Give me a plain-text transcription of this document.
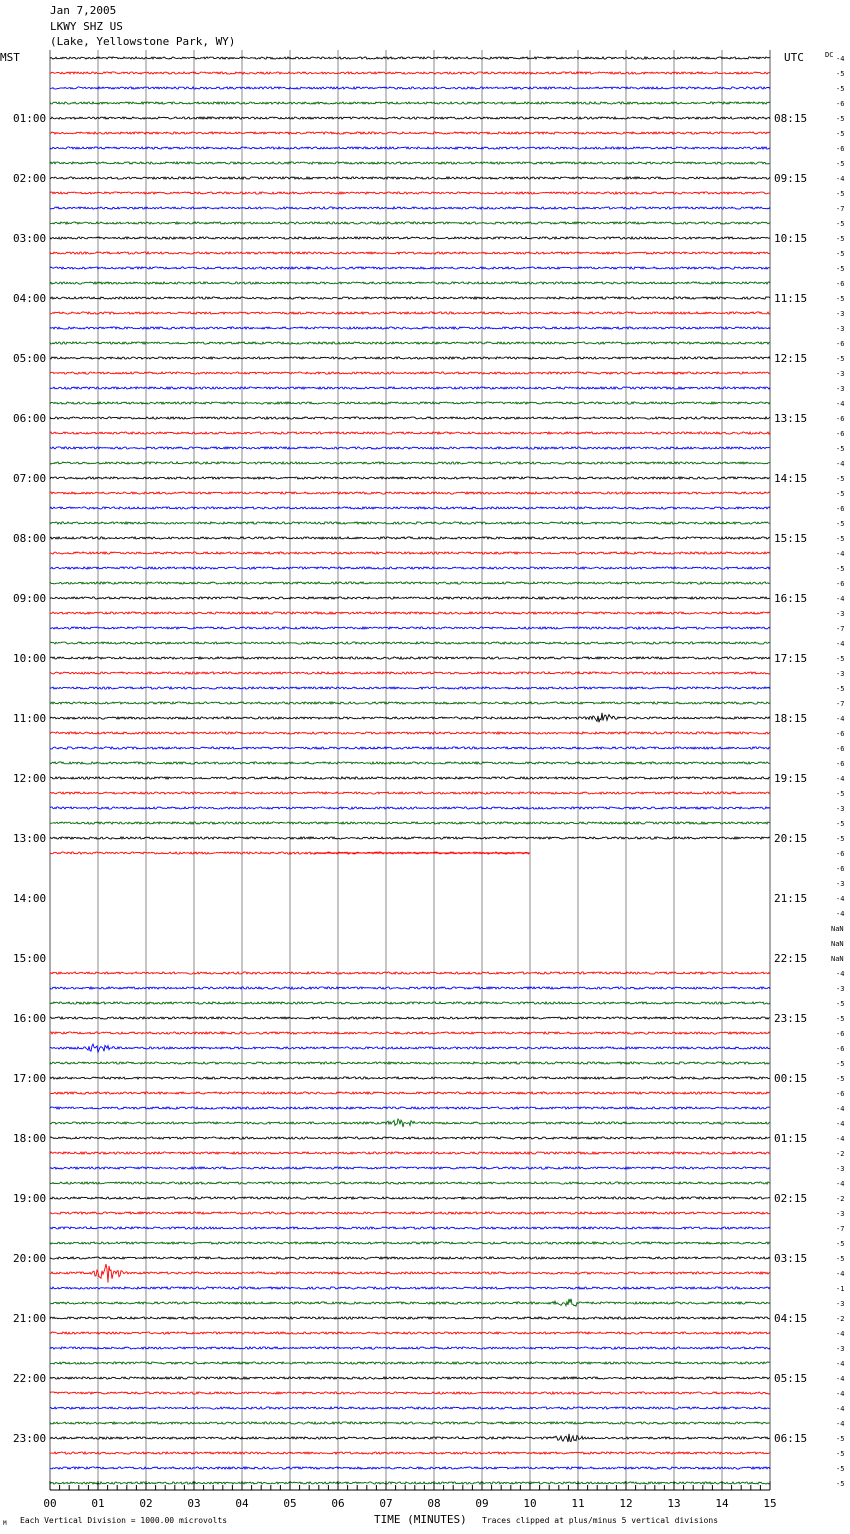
Jan 7,2005
LKWY SHZ US
(Lake, Yellowstone Park, WY)
01:00
02:00
03:00
04:00
05:00
06:00
07:00
08:00
09:00
10:00
11:00
12:00
13:00
14:00
15:00
16:00
17:00
18:00
19:00
20:00
21:00
22:00
23:00
08:15
09:15
10:15
11:15
12:15
13:15
14:15
15:15
16:15
17:15
18:15
19:15
20:15
21:15
22:15
23:15
00:15
01:15
02:15
03:15
04:15
05:15
06:15
-4
-5
-5
-6
-5
-5
-6
-5
-4
-5
-7
-5
-5
-5
-5
-6
-5
-3
-3
-6
-5
-3
-3
-4
-6
-6
-5
-4
-5
-5
-6
-5
-5
-4
-5
-6
-4
-3
-7
-4
-5
-3
-5
-7
-4
-6
-6
-6
-4
-5
-3
-5
-5
-6
-6
-3
-4
-4
NaN
NaN
NaN
-4
-3
-5
-5
-6
-6
-5
-5
-6
-4
-4
-4
-2
-3
-4
-2
-3
-7
-5
-5
-4
-1
-3
-2
-4
-3
-4
-4
-4
-4
-4
-5
-5
-5
-5
00	01	02	03	04	05	06	07	08	09	10	11	12	13	14	15
MST	UTC	DC
M Each Vertical Division = 1000.00 microvolts	TIME (MINUTES) Traces clipped at plus/minus 5 vertical divisions
